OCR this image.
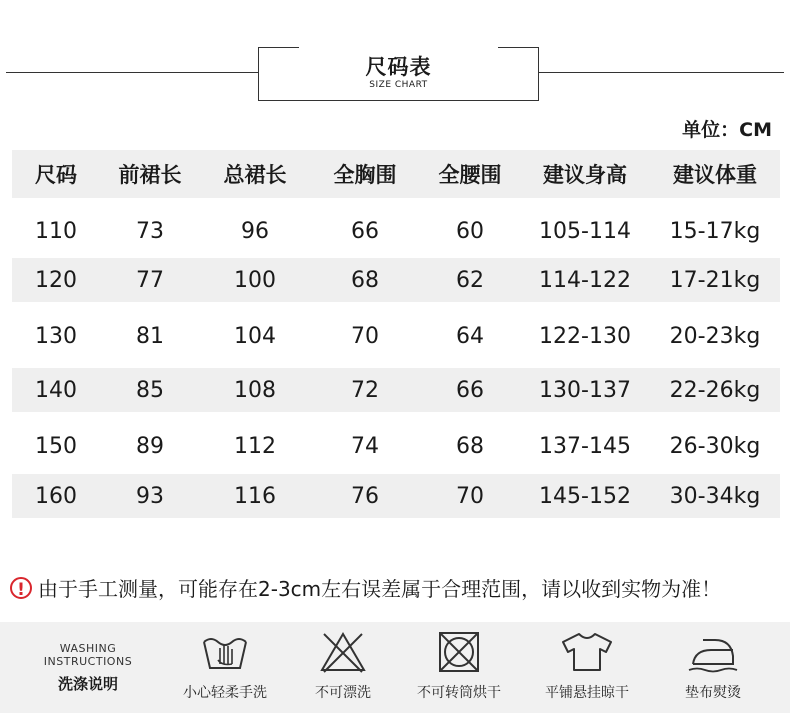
尺码表
SIZE CHART
单位：CM
尺码	前裙长	总裙长	全胸围	全腰围	建议身高	建议体重
110	73	96	66	60	105-114	15-17kg
120	77	100	68	62	114-122	17-21kg
130	81	104	70	64	122-130	20-23kg
140	85	108	72	66	130-137	22-26kg
150	89	112	74	68	137-145	26-30kg
160	93	116	76	70	145-152	30-34kg
! 由于手工测量，可能存在2-3cm左右误差属于合理范围，请以收到实物为准！
WASHING
INSTRUCTIONS
洗涤说明	小心轻柔手洗	不可漂洗	不可转筒烘干	平铺悬挂晾干	垫布熨烫
